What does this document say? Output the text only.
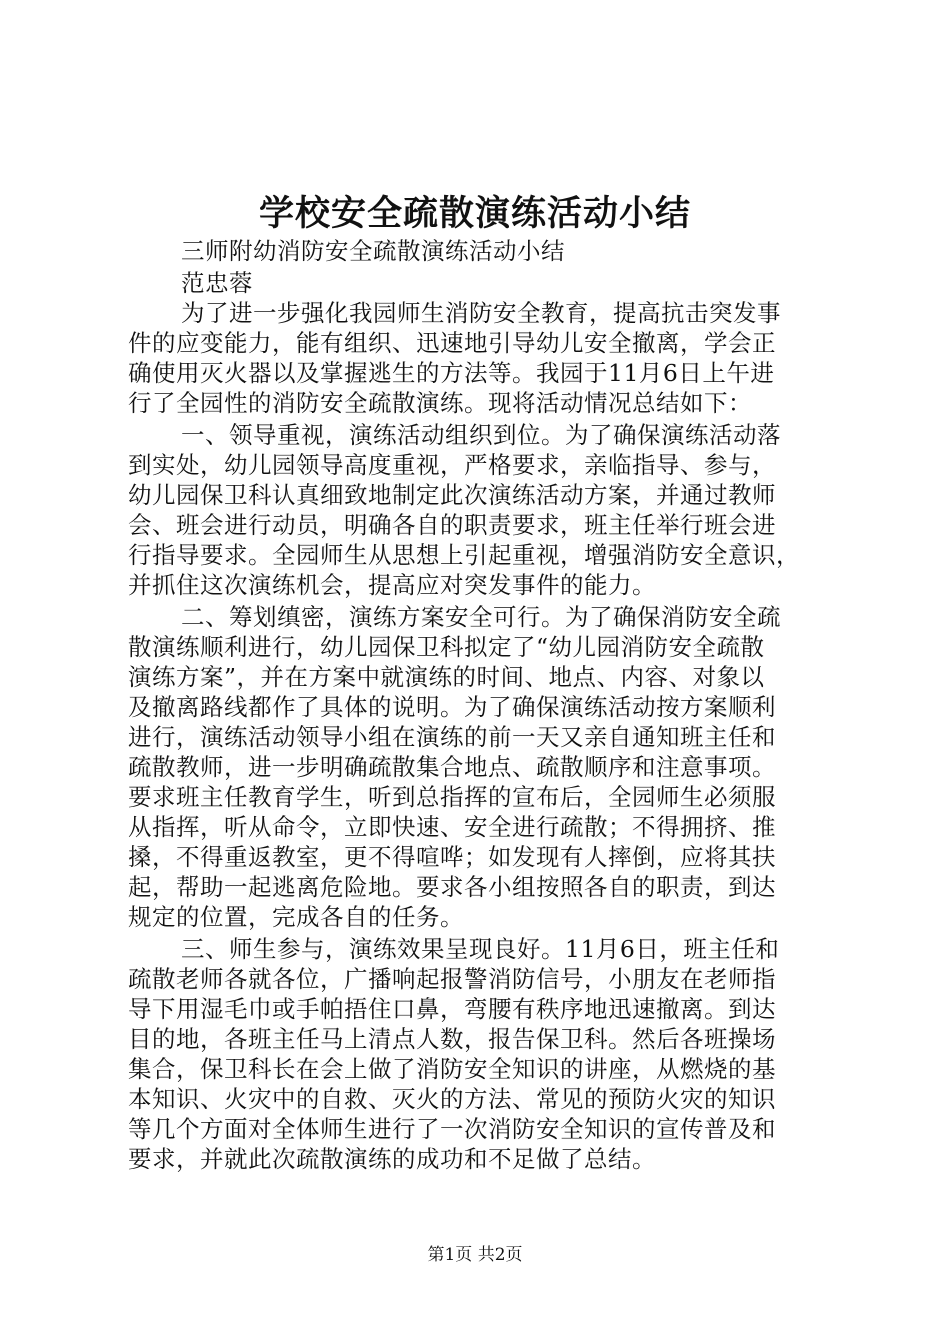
学校安全疏散演练活动小结
三师附幼消防安全疏散演练活动小结
范忠蓉
为了进一步强化我园师生消防安全教育，提高抗击突发事
件的应变能力，能有组织、迅速地引导幼儿安全撤离，学会正
确使用灭火器以及掌握逃生的方法等。我园于11月6日上午进
行了全园性的消防安全疏散演练。现将活动情况总结如下：
一、领导重视，演练活动组织到位。为了确保演练活动落
到实处，幼儿园领导高度重视，严格要求，亲临指导、参与，
幼儿园保卫科认真细致地制定此次演练活动方案，并通过教师
会、班会进行动员，明确各自的职责要求，班主任举行班会进
行指导要求。全园师生从思想上引起重视，增强消防安全意识，
并抓住这次演练机会，提高应对突发事件的能力。
二、筹划缜密，演练方案安全可行。为了确保消防安全疏
散演练顺利进行，幼儿园保卫科拟定了“幼儿园消防安全疏散
演练方案”，并在方案中就演练的时间、地点、内容、对象以
及撤离路线都作了具体的说明。为了确保演练活动按方案顺利
进行，演练活动领导小组在演练的前一天又亲自通知班主任和
疏散教师，进一步明确疏散集合地点、疏散顺序和注意事项。
要求班主任教育学生，听到总指挥的宣布后，全园师生必须服
从指挥，听从命令，立即快速、安全进行疏散；不得拥挤、推
搡，不得重返教室，更不得喧哗；如发现有人摔倒，应将其扶
起，帮助一起逃离危险地。要求各小组按照各自的职责，到达
规定的位置，完成各自的任务。
三、师生参与，演练效果呈现良好。11月6日，班主任和
疏散老师各就各位，广播响起报警消防信号，小朋友在老师指
导下用湿毛巾或手帕捂住口鼻，弯腰有秩序地迅速撤离。到达
目的地，各班主任马上清点人数，报告保卫科。然后各班操场
集合，保卫科长在会上做了消防安全知识的讲座，从燃烧的基
本知识、火灾中的自救、灭火的方法、常见的预防火灾的知识
等几个方面对全体师生进行了一次消防安全知识的宣传普及和
要求，并就此次疏散演练的成功和不足做了总结。
第1页 共2页
